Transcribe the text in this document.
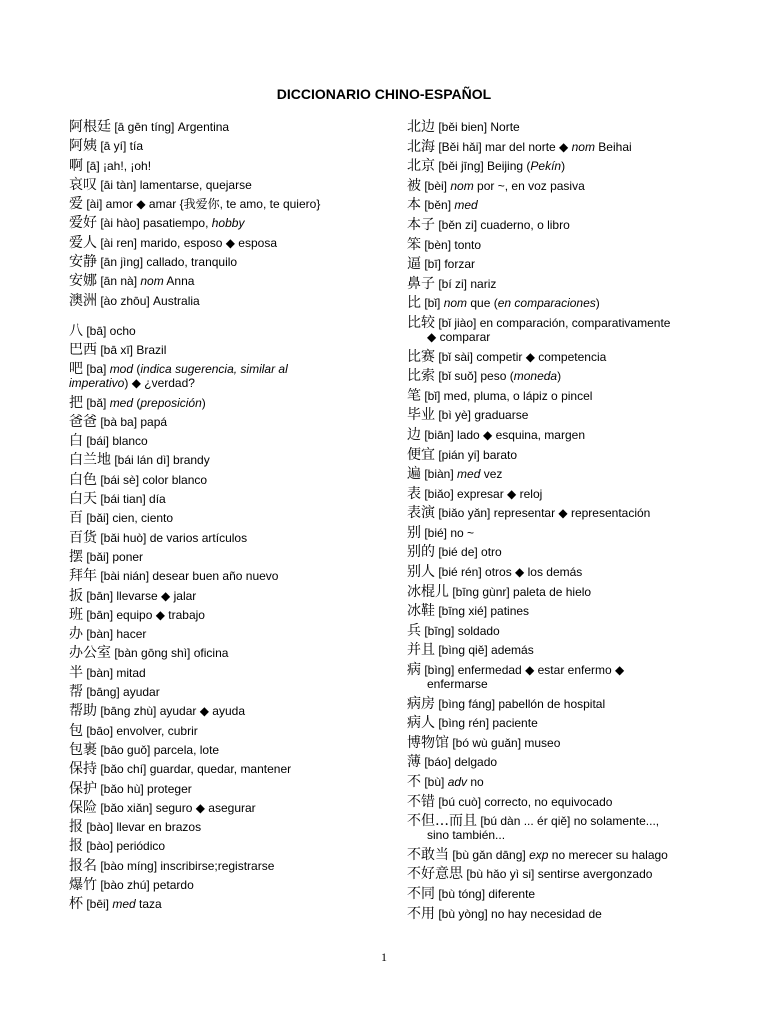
DICCIONARIO CHINO-ESPAÑOL
阿根廷 [ā gēn tíng] Argentina
阿姨 [ā yí] tía
啊 [ā] ¡ah!, ¡oh!
哀叹 [āi tàn] lamentarse, quejarse
爱 [ài] amor ◆ amar {我爱你, te amo, te quiero}
爱好 [ài hào] pasatiempo, hobby
爱人 [ài ren] marido, esposo ◆ esposa
安静 [ān jìng] callado, tranquilo
安娜 [ān nà] nom Anna
澳洲 [ào zhōu] Australia
八 [bā] ocho
巴西 [bā xī] Brazil
吧 [ba] mod (indica sugerencia, similar al
imperativo) ◆ ¿verdad?
把 [bǎ] med (preposición)
爸爸 [bà ba] papá
白 [bái] blanco
白兰地 [bái lán dì] brandy
白色 [bái sè] color blanco
白天 [bái tian] día
百 [bǎi] cien, ciento
百货 [bǎi huò] de varios artículos
摆 [bǎi] poner
拜年 [bài nián] desear buen año nuevo
扳 [bān] llevarse ◆ jalar
班 [bān] equipo ◆ trabajo
办 [bàn] hacer
办公室 [bàn gōng shì] oficina
半 [bàn] mitad
帮 [bāng] ayudar
帮助 [bāng zhù] ayudar ◆ ayuda
包 [bāo] envolver, cubrir
包裹 [bāo guǒ] parcela, lote
保持 [bǎo chí] guardar, quedar, mantener
保护 [bǎo hù] proteger
保险 [bǎo xiǎn] seguro ◆ asegurar
报 [bào] llevar en brazos
报 [bào] periódico
报名 [bào míng] inscribirse;registrarse
爆竹 [bào zhú] petardo
杯 [bēi] med taza
北边 [běi bien] Norte
北海 [Běi hǎi] mar del norte ◆ nom Beihai
北京 [běi jīng] Beijing (Pekín)
被 [bèi] nom por ~, en voz pasiva
本 [běn] med
本子 [běn zi] cuaderno, o libro
笨 [bèn] tonto
逼 [bī] forzar
鼻子 [bí zi] nariz
比 [bǐ] nom que (en comparaciones)
比较 [bǐ jiào] en comparación, comparativamente
◆ comparar
比赛 [bǐ sài] competir ◆ competencia
比索 [bǐ suǒ] peso (moneda)
笔 [bǐ] med, pluma, o lápiz o pincel
毕业 [bì yè] graduarse
边 [biān] lado ◆ esquina, margen
便宜 [pián yi] barato
遍 [biàn] med vez
表 [biǎo] expresar ◆ reloj
表演 [biǎo yǎn] representar ◆ representación
别 [bié] no ~
别的 [bié de] otro
别人 [bié rén] otros ◆ los demás
冰棍儿 [bīng gùnr] paleta de hielo
冰鞋 [bīng xié] patines
兵 [bīng] soldado
并且 [bìng qiě] además
病 [bìng] enfermedad ◆ estar enfermo ◆
enfermarse
病房 [bìng fáng] pabellón de hospital
病人 [bìng rén] paciente
博物馆 [bó wù guǎn] museo
薄 [báo] delgado
不 [bù] adv no
不错 [bú cuò] correcto, no equivocado
不但…而且 [bú dàn ... ér qiě] no solamente...,
sino también...
不敢当 [bù gǎn dāng] exp no merecer su halago
不好意思 [bù hǎo yì si] sentirse avergonzado
不同 [bù tóng] diferente
不用 [bù yòng] no hay necesidad de
1
